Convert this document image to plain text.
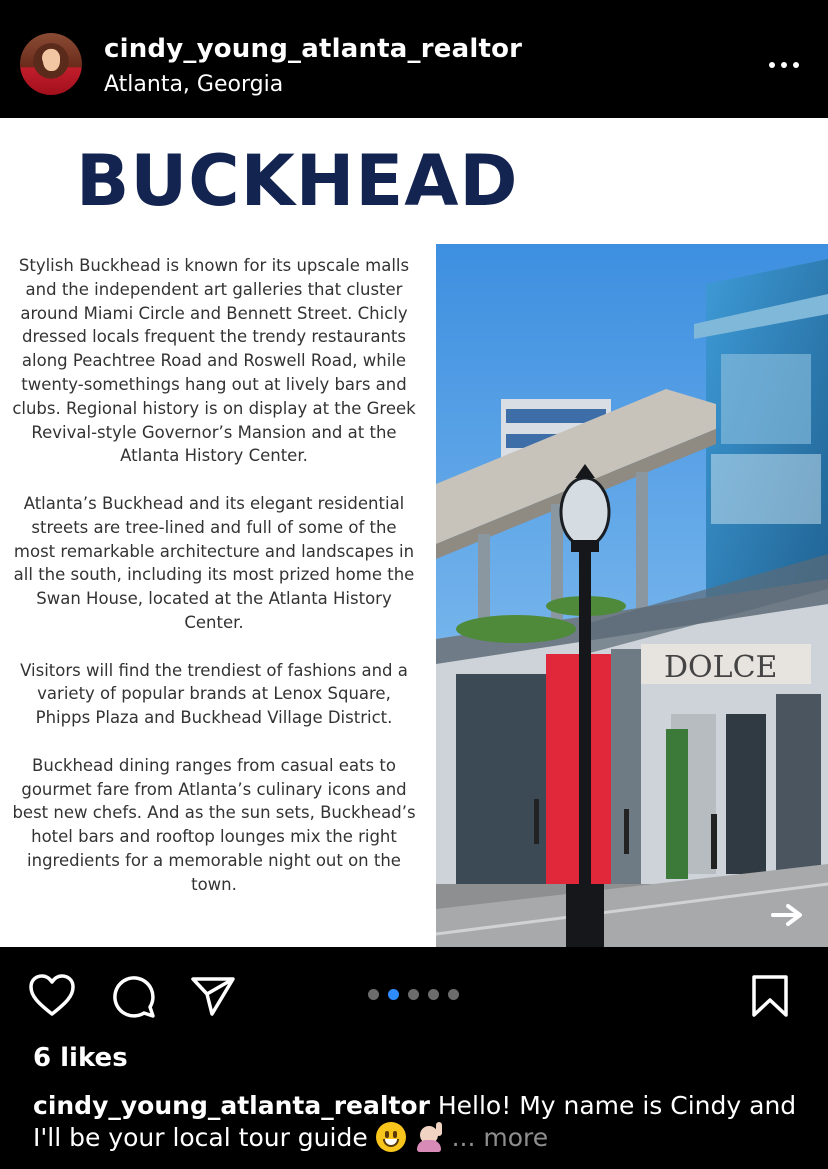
cindy_young_atlanta_realtor
Atlanta, Georgia
BUCKHEAD

Stylish Buckhead is known for its upscale malls and the independent art galleries that cluster around Miami Circle and Bennett Street. Chicly dressed locals frequent the trendy restaurants along Peachtree Road and Roswell Road, while twenty-somethings hang out at lively bars and clubs. Regional history is on display at the Greek Revival-style Governor’s Mansion and at the Atlanta History Center.

Atlanta’s Buckhead and its elegant residential streets are tree-lined and full of some of the most remarkable architecture and landscapes in all the south, including its most prized home the Swan House, located at the Atlanta History Center.

Visitors will find the trendiest of fashions and a variety of popular brands at Lenox Square, Phipps Plaza and Buckhead Village District.

Buckhead dining ranges from casual eats to gourmet fare from Atlanta’s culinary icons and best new chefs. And as the sun sets, Buckhead’s hotel bars and rooftop lounges mix the right ingredients for a memorable night out on the town.

DOLCE
6 likes
cindy_young_atlanta_realtor Hello! My name is Cindy and I'll be your local tour guide
	... more
